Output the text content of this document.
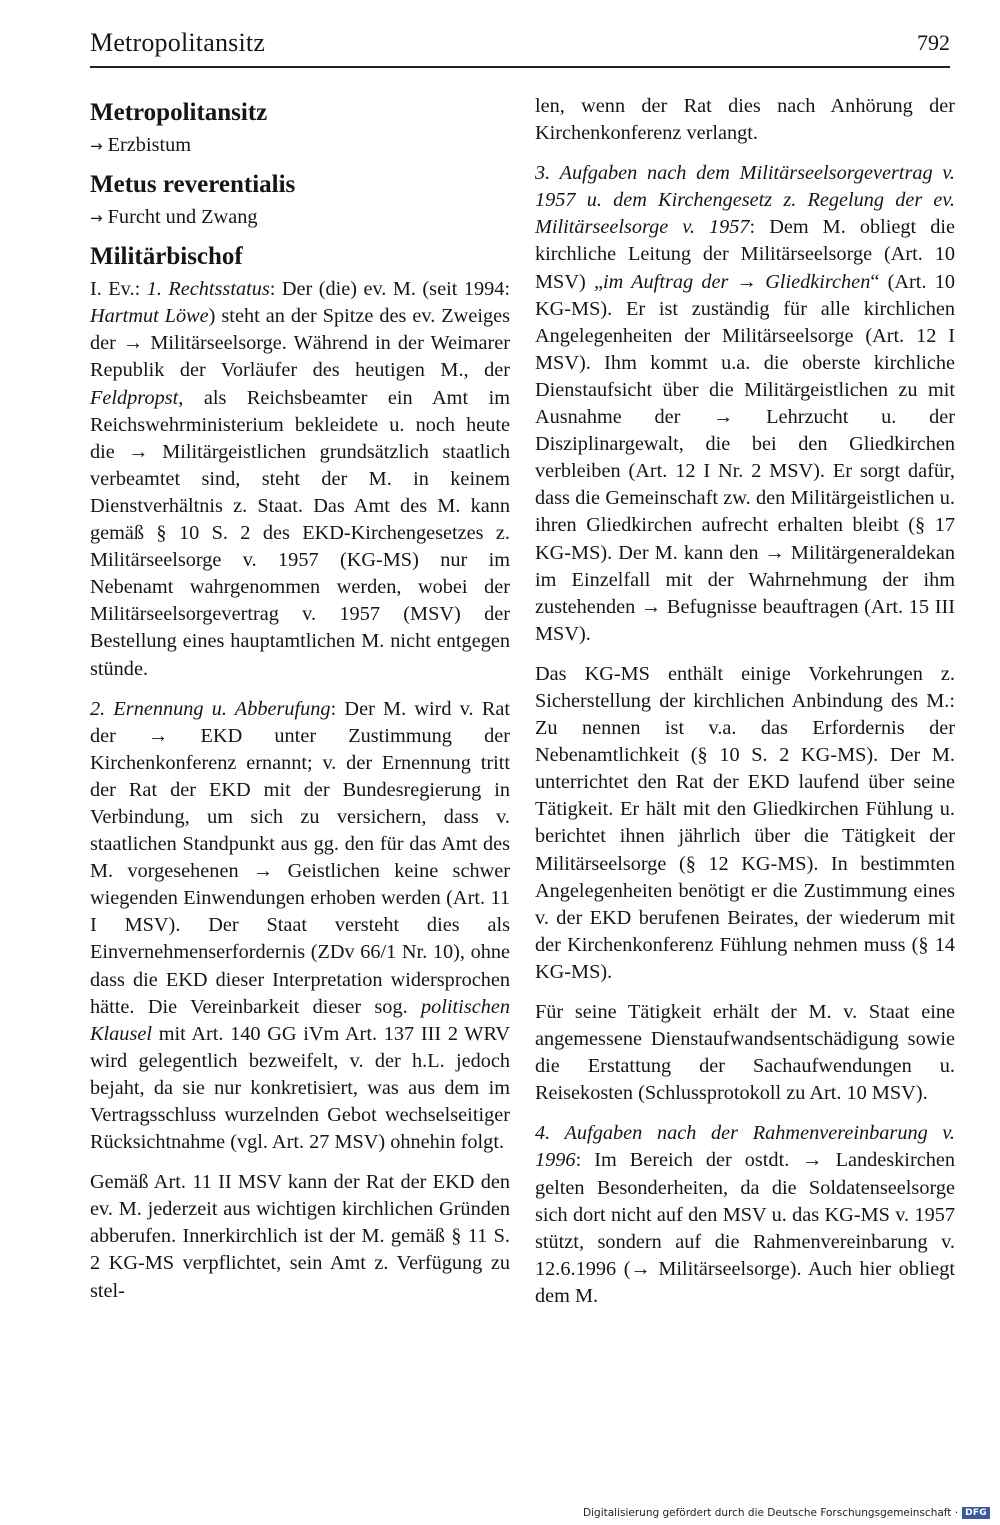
Metropolitansitz	792
Metropolitansitz
→ Erzbistum
Metus reverentialis
→ Furcht und Zwang
Militärbischof

I. Ev.: 1. Rechtsstatus: Der (die) ev. M. (seit 1994: Hartmut Löwe) steht an der Spitze des ev. Zweiges der → Militärseelsorge. Während in der Weimarer Republik der Vorläufer des heutigen M., der Feldpropst, als Reichsbeamter ein Amt im Reichswehrministerium bekleidete u. noch heute die → Militärgeistlichen grundsätzlich staatlich verbeamtet sind, steht der M. in keinem Dienstverhältnis z. Staat. Das Amt des M. kann gemäß § 10 S. 2 des EKD-Kirchengesetzes z. Militärseelsorge v. 1957 (KG-MS) nur im Nebenamt wahrgenommen werden, wobei der Militärseelsorgevertrag v. 1957 (MSV) der Bestellung eines hauptamtlichen M. nicht entgegen stünde.

2. Ernennung u. Abberufung: Der M. wird v. Rat der → EKD unter Zustimmung der Kirchenkonferenz ernannt; v. der Ernennung tritt der Rat der EKD mit der Bundesregierung in Verbindung, um sich zu versichern, dass v. staatlichen Standpunkt aus gg. den für das Amt des M. vorgesehenen → Geistlichen keine schwer wiegenden Einwendungen erhoben werden (Art. 11 I MSV). Der Staat versteht dies als Einvernehmenserfordernis (ZDv 66/1 Nr. 10), ohne dass die EKD dieser Interpretation widersprochen hätte. Die Vereinbarkeit dieser sog. politischen Klausel mit Art. 140 GG iVm Art. 137 III 2 WRV wird gelegentlich bezweifelt, v. der h.L. jedoch bejaht, da sie nur konkretisiert, was aus dem im Vertragsschluss wurzelnden Gebot wechselseitiger Rücksichtnahme (vgl. Art. 27 MSV) ohnehin folgt.

Gemäß Art. 11 II MSV kann der Rat der EKD den ev. M. jederzeit aus wichtigen kirchlichen Gründen abberufen. Innerkirchlich ist der M. gemäß § 11 S. 2 KG-MS verpflichtet, sein Amt z. Verfügung zu stel-

len, wenn der Rat dies nach Anhörung der Kirchenkonferenz verlangt.

3. Aufgaben nach dem Militärseelsorgevertrag v. 1957 u. dem Kirchengesetz z. Regelung der ev. Militärseelsorge v. 1957: Dem M. obliegt die kirchliche Leitung der Militärseelsorge (Art. 10 MSV) „im Auftrag der → Gliedkirchen“ (Art. 10 KG-MS). Er ist zuständig für alle kirchlichen Angelegenheiten der Militärseelsorge (Art. 12 I MSV). Ihm kommt u.a. die oberste kirchliche Dienstaufsicht über die Militärgeistlichen zu mit Ausnahme der → Lehrzucht u. der Disziplinargewalt, die bei den Gliedkirchen verbleiben (Art. 12 I Nr. 2 MSV). Er sorgt dafür, dass die Gemeinschaft zw. den Militärgeistlichen u. ihren Gliedkirchen aufrecht erhalten bleibt (§ 17 KG-MS). Der M. kann den → Militärgeneraldekan im Einzelfall mit der Wahrnehmung der ihm zustehenden → Befugnisse beauftragen (Art. 15 III MSV).

Das KG-MS enthält einige Vorkehrungen z. Sicherstellung der kirchlichen Anbindung des M.: Zu nennen ist v.a. das Erfordernis der Nebenamtlichkeit (§ 10 S. 2 KG-MS). Der M. unterrichtet den Rat der EKD laufend über seine Tätigkeit. Er hält mit den Gliedkirchen Fühlung u. berichtet ihnen jährlich über die Tätigkeit der Militärseelsorge (§ 12 KG-MS). In bestimmten Angelegenheiten benötigt er die Zustimmung eines v. der EKD berufenen Beirates, der wiederum mit der Kirchenkonferenz Fühlung nehmen muss (§ 14 KG-MS).

Für seine Tätigkeit erhält der M. v. Staat eine angemessene Dienstaufwandsentschädigung sowie die Erstattung der Sachaufwendungen u. Reisekosten (Schlussprotokoll zu Art. 10 MSV).

4. Aufgaben nach der Rahmenvereinbarung v. 1996: Im Bereich der ostdt. → Landeskirchen gelten Besonderheiten, da die Soldatenseelsorge sich dort nicht auf den MSV u. das KG-MS v. 1957 stützt, sondern auf die Rahmenvereinbarung v. 12.6.1996 (→ Militärseelsorge). Auch hier obliegt dem M.

Digitalisierung gefördert durch die Deutsche Forschungsgemeinschaft · DFG
